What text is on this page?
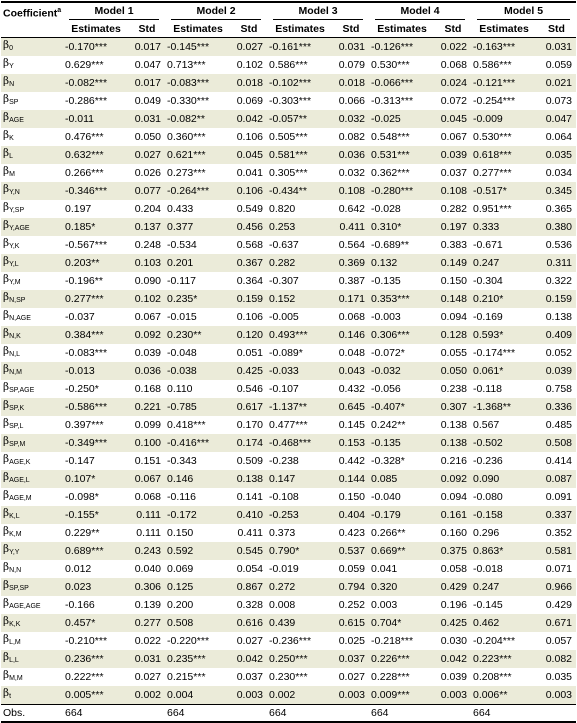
Coefficient$^a$	Model 1		Model 2		Model 3		Model 4		Model 5	
	Estimates	Std	Estimates	Std	Estimates	Std	Estimates	Std	Estimates	Std
$\beta_0$	-0.170***	0.017	-0.145***	0.027	-0.161***	0.031	-0.126***	0.022	-0.163***	0.031
$\beta_Y$	0.629***	0.047	0.713***	0.102	0.586***	0.079	0.530***	0.068	0.586***	0.059
$\beta_N$	-0.082***	0.017	-0.083***	0.018	-0.102***	0.018	-0.066***	0.024	-0.121***	0.021
$\beta_{SP}$	-0.286***	0.049	-0.330***	0.069	-0.303***	0.066	-0.313***	0.072	-0.254***	0.073
$\beta_{AGE}$	-0.011	0.031	-0.082**	0.042	-0.057**	0.032	-0.025	0.045	-0.009	0.047
$\beta_K$	0.476***	0.050	0.360***	0.106	0.505***	0.082	0.548***	0.067	0.530***	0.064
$\beta_L$	0.632***	0.027	0.621***	0.045	0.581***	0.036	0.531***	0.039	0.618***	0.035
$\beta_M$	0.266***	0.026	0.273***	0.041	0.305***	0.032	0.362***	0.037	0.277***	0.034
$\beta_{Y,N}$	-0.346***	0.077	-0.264***	0.106	-0.434**	0.108	-0.280***	0.108	-0.517*	0.345
$\beta_{Y,SP}$	0.197	0.204	0.433	0.549	0.820	0.642	-0.028	0.282	0.951***	0.365
$\beta_{Y,AGE}$	0.185*	0.137	0.377	0.456	0.253	0.411	0.310*	0.197	0.333	0.380
$\beta_{Y,K}$	-0.567***	0.248	-0.534	0.568	-0.637	0.564	-0.689**	0.383	-0.671	0.536
$\beta_{Y,L}$	0.203**	0.103	0.201	0.367	0.282	0.369	0.132	0.149	0.247	0.311
$\beta_{Y,M}$	-0.196**	0.090	-0.117	0.364	-0.307	0.387	-0.135	0.150	-0.304	0.322
$\beta_{N,SP}$	0.277***	0.102	0.235*	0.159	0.152	0.171	0.353***	0.148	0.210*	0.159
$\beta_{N,AGE}$	-0.037	0.067	-0.015	0.106	-0.005	0.068	-0.003	0.094	-0.169	0.138
$\beta_{N,K}$	0.384***	0.092	0.230**	0.120	0.493***	0.146	0.306***	0.128	0.593*	0.409
$\beta_{N,L}$	-0.083***	0.039	-0.048	0.051	-0.089*	0.048	-0.072*	0.055	-0.174***	0.052
$\beta_{N,M}$	-0.013	0.036	-0.038	0.425	-0.033	0.043	-0.032	0.050	0.061*	0.039
$\beta_{SP,AGE}$	-0.250*	0.168	0.110	0.546	-0.107	0.432	-0.056	0.238	-0.118	0.758
$\beta_{SP,K}$	-0.586***	0.221	-0.785	0.617	-1.137**	0.645	-0.407*	0.307	-1.368**	0.336
$\beta_{SP,L}$	0.397***	0.099	0.418***	0.170	0.477***	0.145	0.242**	0.138	0.567	0.485
$\beta_{SP,M}$	-0.349***	0.100	-0.416***	0.174	-0.468***	0.153	-0.135	0.138	-0.502	0.508
$\beta_{AGE,K}$	-0.147	0.151	-0.343	0.509	-0.238	0.442	-0.328*	0.216	-0.236	0.414
$\beta_{AGE,L}$	0.107*	0.067	0.146	0.138	0.147	0.144	0.085	0.092	0.090	0.087
$\beta_{AGE,M}$	-0.098*	0.068	-0.116	0.141	-0.108	0.150	-0.040	0.094	-0.080	0.091
$\beta_{K,L}$	-0.155*	0.111	-0.172	0.410	-0.253	0.404	-0.179	0.161	-0.158	0.337
$\beta_{K,M}$	0.229**	0.111	0.150	0.411	0.373	0.423	0.266**	0.160	0.296	0.352
$\beta_{Y,Y}$	0.689***	0.243	0.592	0.545	0.790*	0.537	0.669**	0.375	0.863*	0.581
$\beta_{N,N}$	0.012	0.040	0.069	0.054	-0.019	0.059	0.041	0.058	-0.018	0.071
$\beta_{SP,SP}$	0.023	0.306	0.125	0.867	0.272	0.794	0.320	0.429	0.247	0.966
$\beta_{AGE,AGE}$	-0.166	0.139	0.200	0.328	0.008	0.252	0.003	0.196	-0.145	0.429
$\beta_{K,K}$	0.457*	0.277	0.508	0.616	0.439	0.615	0.704*	0.425	0.462	0.671
$\beta_{L,M}$	-0.210***	0.022	-0.220***	0.027	-0.236***	0.025	-0.218***	0.030	-0.204***	0.057
$\beta_{L,L}$	0.236***	0.031	0.235***	0.042	0.250***	0.037	0.226***	0.042	0.223***	0.082
$\beta_{M,M}$	0.222***	0.027	0.215***	0.037	0.230***	0.027	0.228***	0.039	0.208***	0.035
$\beta_t$	0.005***	0.002	0.004	0.003	0.002	0.003	0.009***	0.003	0.006**	0.003
Obs.	664		664		664		664		664	
